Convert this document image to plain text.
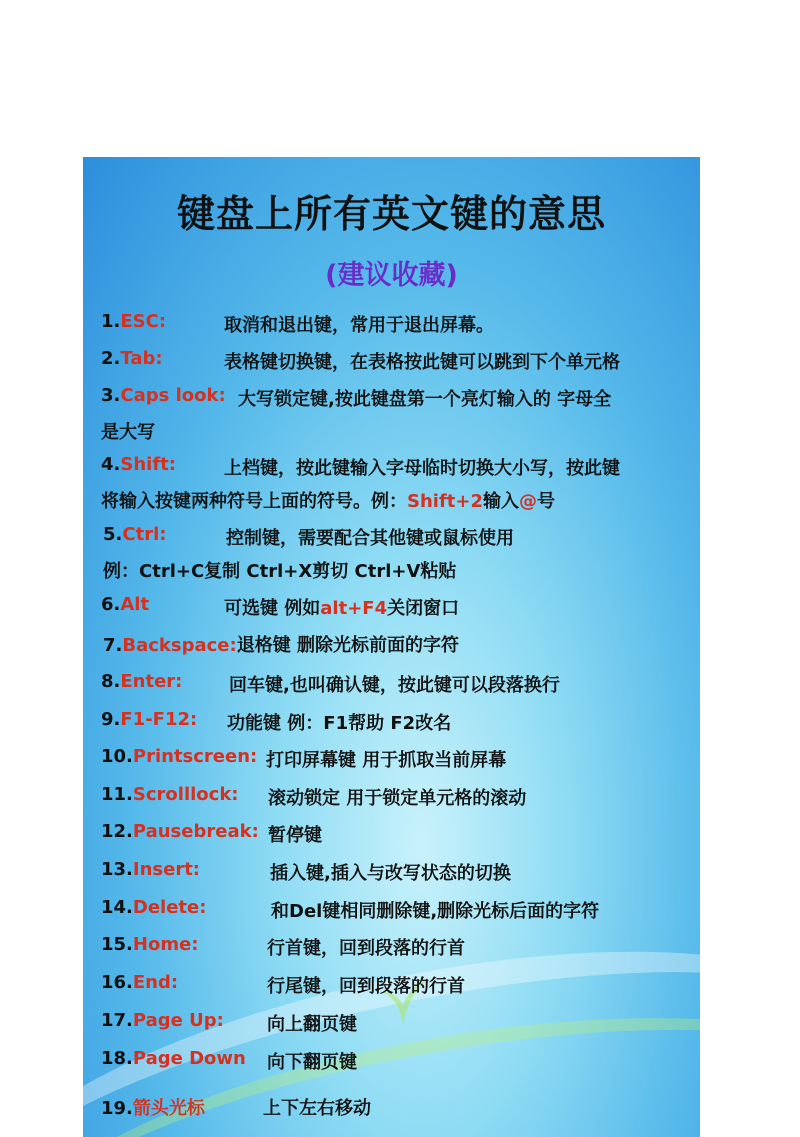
键盘上所有英文键的意思
(建议收藏)
1.ESC:	取消和退出键，常用于退出屏幕。
2.Tab:	表格键切换键，在表格按此键可以跳到下个单元格
3.Caps look: 大写锁定键,按此键盘第一个亮灯输入的 字母全
是大写
4.Shift:	上档键，按此键输入字母临时切换大小写，按此键
将输入按键两种符号上面的符号。例：Shift+2输入@号
5.Ctrl:	控制键，需要配合其他键或鼠标使用
例：Ctrl+C复制 Ctrl+X剪切 Ctrl+V粘贴
6.Alt	可选键 例如alt+F4关闭窗口
7.Backspace:退格键 删除光标前面的字符
8.Enter:	回车键,也叫确认键，按此键可以段落换行
9.F1-F12: 功能键 例：F1帮助 F2改名
10.Printscreen: 打印屏幕键 用于抓取当前屏幕
11.Scrolllock: 滚动锁定 用于锁定单元格的滚动
12.Pausebreak: 暂停键
13.Insert:	插入键,插入与改写状态的切换
14.Delete:	和Del键相同删除键,删除光标后面的字符
15.Home:	行首键，回到段落的行首
16.End:	行尾键，回到段落的行首
17.Page Up: 向上翻页键
18.Page Down 向下翻页键
19.箭头光标	上下左右移动
